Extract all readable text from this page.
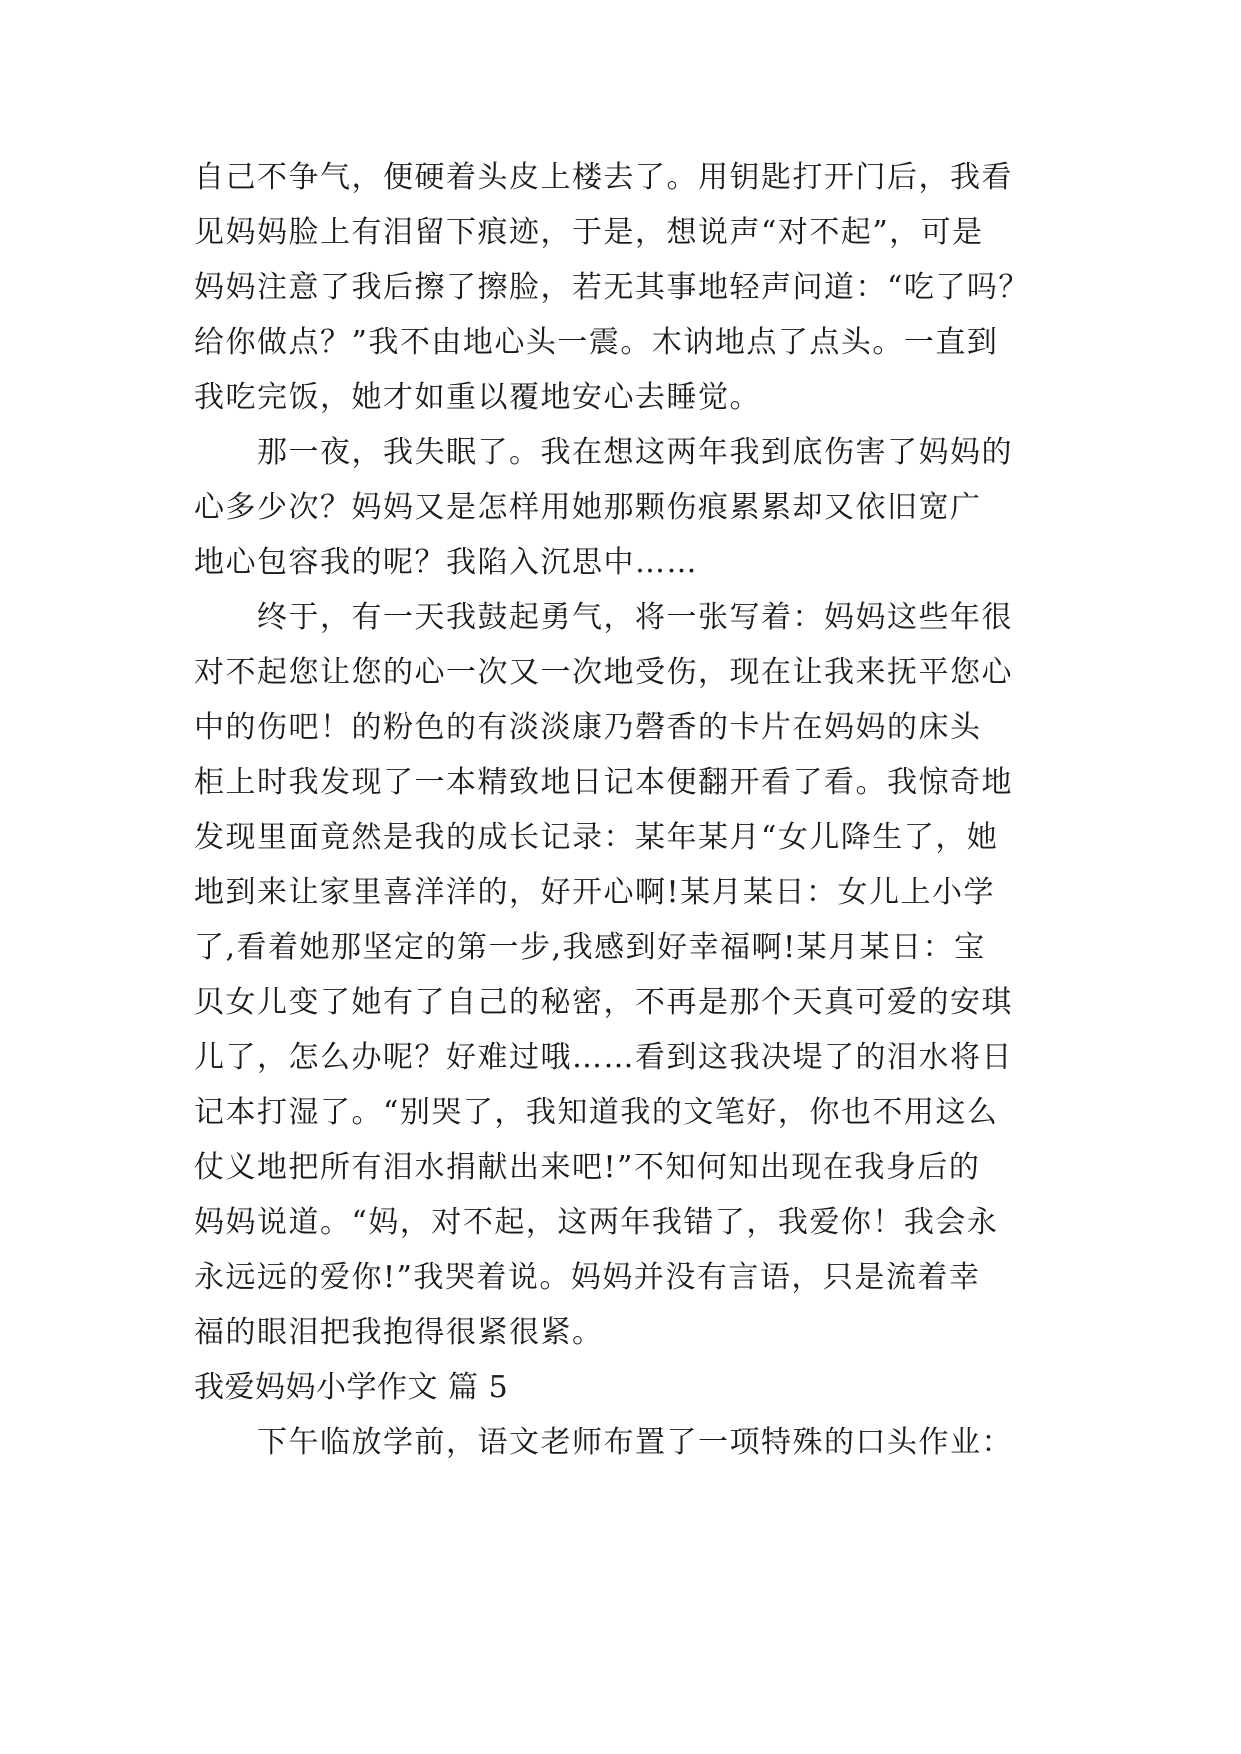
自己不争气，便硬着头皮上楼去了。用钥匙打开门后，我看
见妈妈脸上有泪留下痕迹，于是，想说声“对不起”，可是
妈妈注意了我后擦了擦脸，若无其事地轻声问道：“吃了吗？
给你做点？”我不由地心头一震。木讷地点了点头。一直到
我吃完饭，她才如重以覆地安心去睡觉。
那一夜，我失眠了。我在想这两年我到底伤害了妈妈的
心多少次？妈妈又是怎样用她那颗伤痕累累却又依旧宽广
地心包容我的呢？我陷入沉思中……
终于，有一天我鼓起勇气，将一张写着：妈妈这些年很
对不起您让您的心一次又一次地受伤，现在让我来抚平您心
中的伤吧！的粉色的有淡淡康乃磬香的卡片在妈妈的床头
柜上时我发现了一本精致地日记本便翻开看了看。我惊奇地
发现里面竟然是我的成长记录：某年某月“女儿降生了，她
地到来让家里喜洋洋的，好开心啊!某月某日：女儿上小学
了,看着她那坚定的第一步,我感到好幸福啊!某月某日：宝
贝女儿变了她有了自己的秘密，不再是那个天真可爱的安琪
儿了，怎么办呢？好难过哦……看到这我决堤了的泪水将日
记本打湿了。“别哭了，我知道我的文笔好，你也不用这么
仗义地把所有泪水捐献出来吧!”不知何知出现在我身后的
妈妈说道。“妈，对不起，这两年我错了，我爱你！我会永
永远远的爱你!”我哭着说。妈妈并没有言语，只是流着幸
福的眼泪把我抱得很紧很紧。
我爱妈妈小学作文 篇 5
下午临放学前，语文老师布置了一项特殊的口头作业：
